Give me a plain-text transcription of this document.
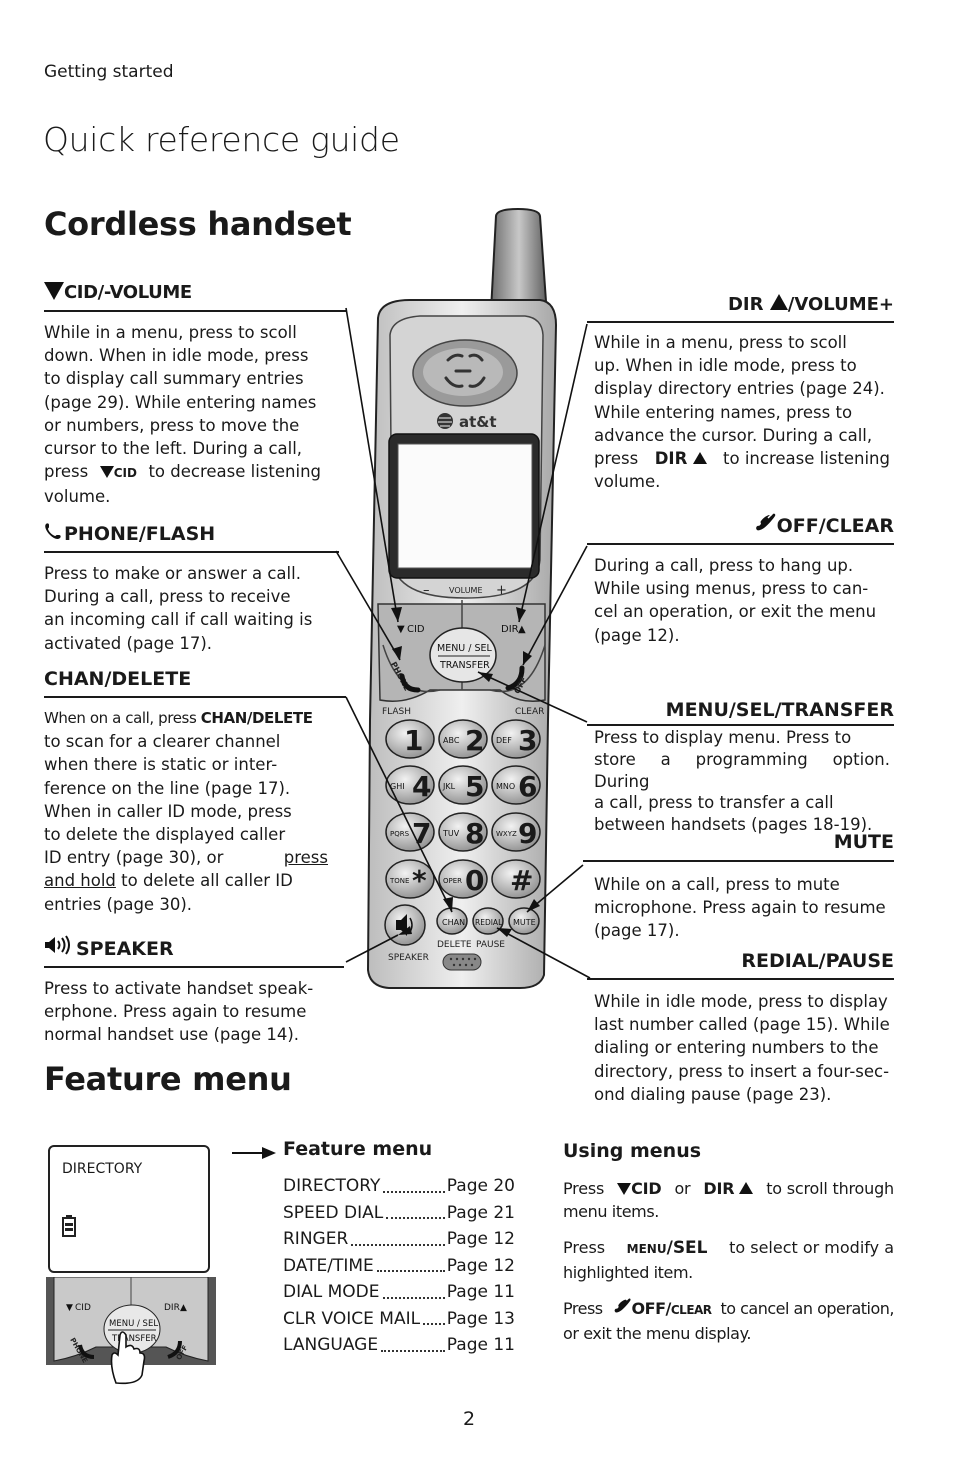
Getting started
Quick reference guide
Cordless handset
CID/-VOLUME
While in a menu, press to scoll
down. When in idle mode, press
to display call summary entries
(page 29). While entering names
or numbers, press to move the
cursor to the left. During a call,
press	CID to decrease listening
volume.
PHONE/FLASH
Press to make or answer a call.
During a call, press to receive
an incoming call if call waiting is
activated (page 17).
CHAN/DELETE
When on a call, press CHAN/DELETE
to scan for a clearer channel
when there is static or inter-
ference on the line (page 17).
When in caller ID mode, press
to delete the displayed caller
ID entry (page 30), or	press
and hold to delete all caller ID
entries (page 30).
SPEAKER
Press to activate handset speak-
erphone. Press again to resume
normal handset use (page 14).
DIR /VOLUME+
While in a menu, press to scoll
up. When in idle mode, press to
display directory entries (page 24).
While entering names, press to
advance the cursor. During a call,
press DIR	to increase listening
volume.
OFF/CLEAR
During a call, press to hang up.
While using menus, press to can-
cel an operation, or exit the menu
(page 12).
MENU/SEL/TRANSFER
Press to display menu. Press to
store a programming option. During
a call, press to transfer a call
between handsets (pages 18-19).
MUTE
While on a call, press to mute
microphone. Press again to resume
(page 17).
REDIAL/PAUSE
While in idle mode, press to display
last number called (page 15). While
dialing or entering numbers to the
directory, press to insert a four-sec-
ond dialing pause (page 23).
at&t
– VOLUME +
▼ CID	DIR ▲
MENU / SEL
TRANSFER
PHONE	OFF
FLASH	CLEAR
1 ABC 2 DEF 3
GHI 4 JKL 5 MNO 6
PQRS 7 TUV 8 WXYZ 9
TONE * OPER 0 #
CHAN REDIAL MUTE
DELETE PAUSE
SPEAKER
Feature menu
DIRECTORY
▼ CID	DIR ▲
MENU / SEL
TRANSFER
PHONE	OFF
Feature menu
DIRECTORY	Page 20
SPEED DIAL	Page 21
RINGER	Page 12
DATE/TIME	Page 12
DIAL MODE	Page 11
CLR VOICE MAIL Page 13
LANGUAGE	Page 11
Using menus
Press	CID or DIR	to scroll through
menu items.
Press MENU/SEL to select or modify a
highlighted item.
Press	OFF/CLEAR to cancel an operation,
or exit the menu display.
2
